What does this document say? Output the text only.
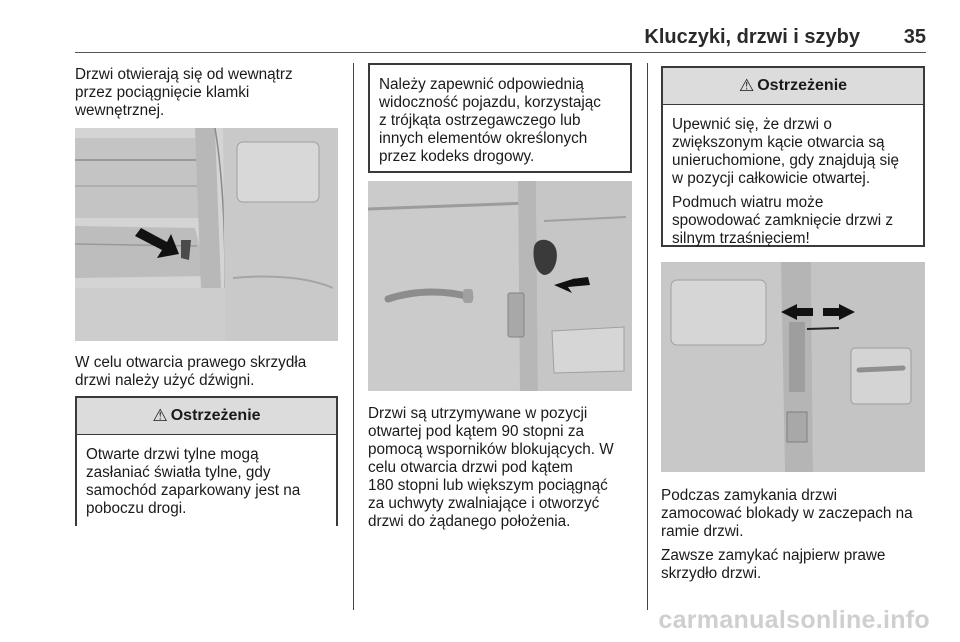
Kluczyki, drzwi i szyby	35

Drzwi otwierają się od wewnątrz
przez pociągnięcie klamki
wewnętrznej.

W celu otwarcia prawego skrzydła
drzwi należy użyć dźwigni.

⚠ Ostrzeżenie

Otwarte drzwi tylne mogą
zasłaniać światła tylne, gdy
samochód zaparkowany jest na
poboczu drogi.

Należy zapewnić odpowiednią
widoczność pojazdu, korzystając
z trójkąta ostrzegawczego lub
innych elementów określonych
przez kodeks drogowy.

Drzwi są utrzymywane w pozycji
otwartej pod kątem 90 stopni za
pomocą wsporników blokujących. W
celu otwarcia drzwi pod kątem
180 stopni lub większym pociągnąć
za uchwyty zwalniające i otworzyć
drzwi do żądanego położenia.

⚠ Ostrzeżenie

Upewnić się, że drzwi o
zwiększonym kącie otwarcia są
unieruchomione, gdy znajdują się
w pozycji całkowicie otwartej.

Podmuch wiatru może
spowodować zamknięcie drzwi z
silnym trzaśnięciem!

Podczas zamykania drzwi
zamocować blokady w zaczepach na
ramie drzwi.

Zawsze zamykać najpierw prawe
skrzydło drzwi.

carmanualsonline.info
